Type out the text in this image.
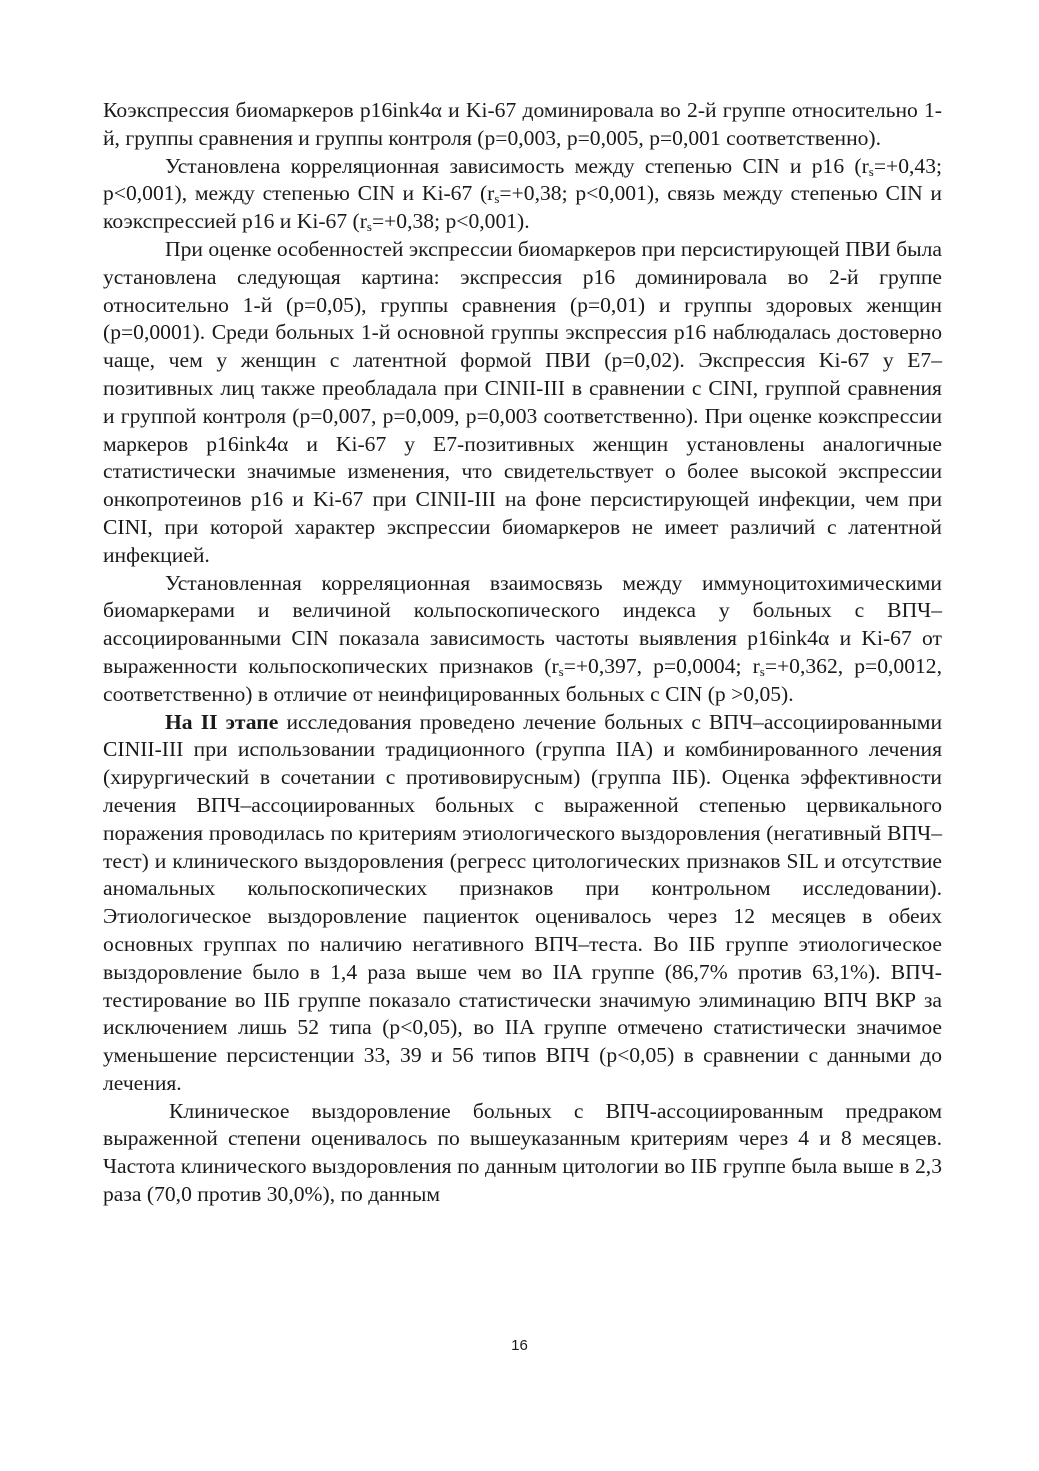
Коэкспрессия биомаркеров p16ink4α и Ki-67 доминировала во 2-й группе относительно 1-й, группы сравнения и группы контроля (р=0,003, р=0,005, р=0,001 соответственно).

Установлена корреляционная зависимость между степенью CIN и p16 ($r_s=+0,43$; p<0,001), между степенью CIN и Ki-67 ($r_s=+0,38$; p<0,001), связь между степенью CIN и коэкспрессией p16 и Ki-67 ($r_s=+0,38$; p<0,001).

При оценке особенностей экспрессии биомаркеров при персистирующей ПВИ была установлена следующая картина: экспрессия p16 доминировала во 2-й группе относительно 1-й (р=0,05), группы сравнения (р=0,01) и группы здоровых женщин (р=0,0001). Среди больных 1-й основной группы экспрессия p16 наблюдалась достоверно чаще, чем у женщин с латентной формой ПВИ (р=0,02). Экспрессия Ki-67 у Е7–позитивных лиц также преобладала при CINII-III в сравнении с CINI, группой сравнения и группой контроля (р=0,007, р=0,009, р=0,003 соответственно). При оценке коэкспрессии маркеров p16ink4α и Ki-67 у Е7-позитивных женщин установлены аналогичные статистически значимые изменения, что свидетельствует о более высокой экспрессии онкопротеинов p16 и Ki-67 при CINII-III на фоне персистирующей инфекции, чем при CINI, при которой характер экспрессии биомаркеров не имеет различий с латентной инфекцией.

Установленная корреляционная взаимосвязь между иммуноцитохимическими биомаркерами и величиной кольпоскопического индекса у больных с ВПЧ–ассоциированными CIN показала зависимость частоты выявления p16ink4α и Ki-67 от выраженности кольпоскопических признаков ($r_s=+0,397$, p=0,0004; $r_s=+0,362$, p=0,0012, соответственно) в отличие от неинфицированных больных с CIN (p >0,05).

На II этапе исследования проведено лечение больных с ВПЧ–ассоциированными CINII-III при использовании традиционного (группа IIA) и комбинированного лечения (хирургический в сочетании с противовирусным) (группа IIБ). Оценка эффективности лечения ВПЧ–ассоциированных больных с выраженной степенью цервикального поражения проводилась по критериям этиологического выздоровления (негативный ВПЧ–тест) и клинического выздоровления (регресс цитологических признаков SIL и отсутствие аномальных кольпоскопических признаков при контрольном исследовании). Этиологическое выздоровление пациенток оценивалось через 12 месяцев в обеих основных группах по наличию негативного ВПЧ–теста. Во IIБ группе этиологическое выздоровление было в 1,4 раза выше чем во IIA группе (86,7% против 63,1%). ВПЧ-тестирование во IIБ группе показало статистически значимую элиминацию ВПЧ ВКР за исключением лишь 52 типа (p<0,05), во IIA группе отмечено статистически значимое уменьшение персистенции 33, 39 и 56 типов ВПЧ (p<0,05) в сравнении с данными до лечения.

Клиническое выздоровление больных с ВПЧ-ассоциированным предраком выраженной степени оценивалось по вышеуказанным критериям через 4 и 8 месяцев. Частота клинического выздоровления по данным цитологии во IIБ группе была выше в 2,3 раза (70,0 против 30,0%), по данным

16
